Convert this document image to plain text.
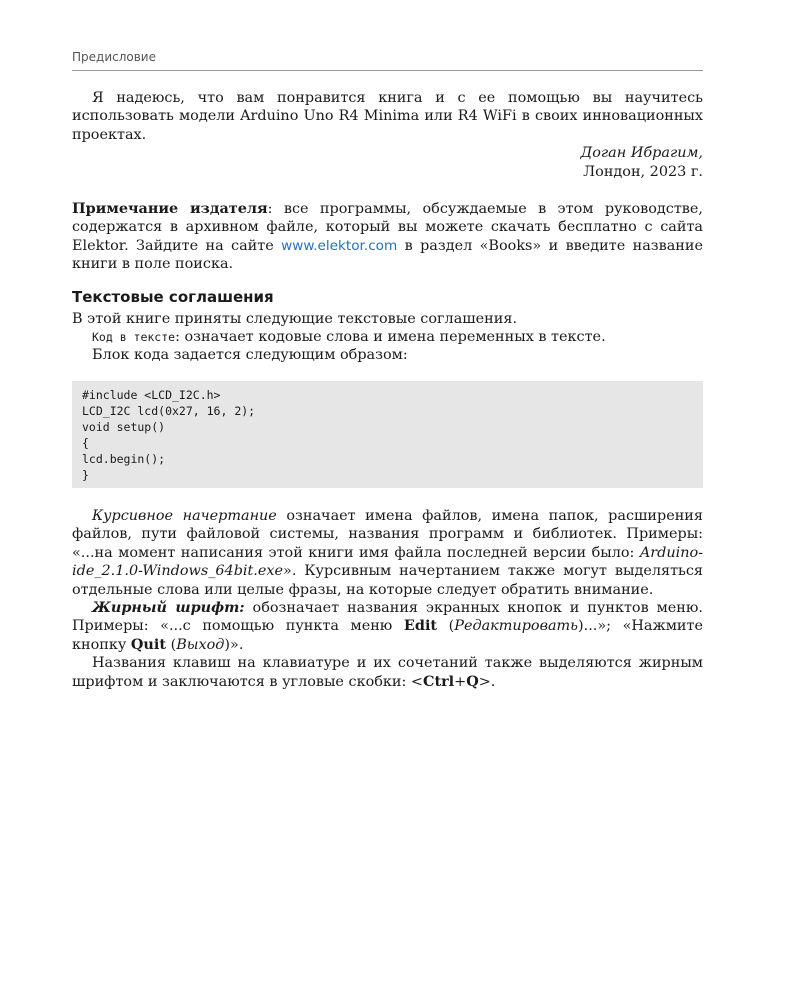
Предисловие

Я надеюсь, что вам понравится книга и с ее помощью вы научитесь использовать модели Arduino Uno R4 Minima или R4 WiFi в своих инновационных проектах.

Доган Ибрагим,

Лондон, 2023 г.

Примечание издателя: все программы, обсуждаемые в этом руководстве, содержатся в архивном файле, который вы можете скачать бесплатно с сайта Elektor. Зайдите на сайте www.elektor.com в раздел «Books» и введите название книги в поле поиска.

Текстовые соглашения

В этой книге приняты следующие текстовые соглашения.

Код в тексте: означает кодовые слова и имена переменных в тексте.

Блок кода задается следующим образом:

#include <LCD_I2C.h>
LCD_I2C lcd(0x27, 16, 2);
void setup()
{
lcd.begin();
}

Курсивное начертание означает имена файлов, имена папок, расширения файлов, пути файловой системы, названия программ и библиотек. Примеры: «...на момент написания этой книги имя файла последней версии было: Arduino-ide_2.1.0-Windows_64bit.exe». Курсивным начертанием также могут выделяться отдельные слова или целые фразы, на которые следует обратить внимание.

Жирный шрифт: обозначает названия экранных кнопок и пунктов меню. Примеры: «...с помощью пункта меню Edit (Редактировать)...»; «Нажмите кнопку Quit (Выход)».

Названия клавиш на клавиатуре и их сочетаний также выделяются жирным шрифтом и заключаются в угловые скобки: <Ctrl+Q>.
